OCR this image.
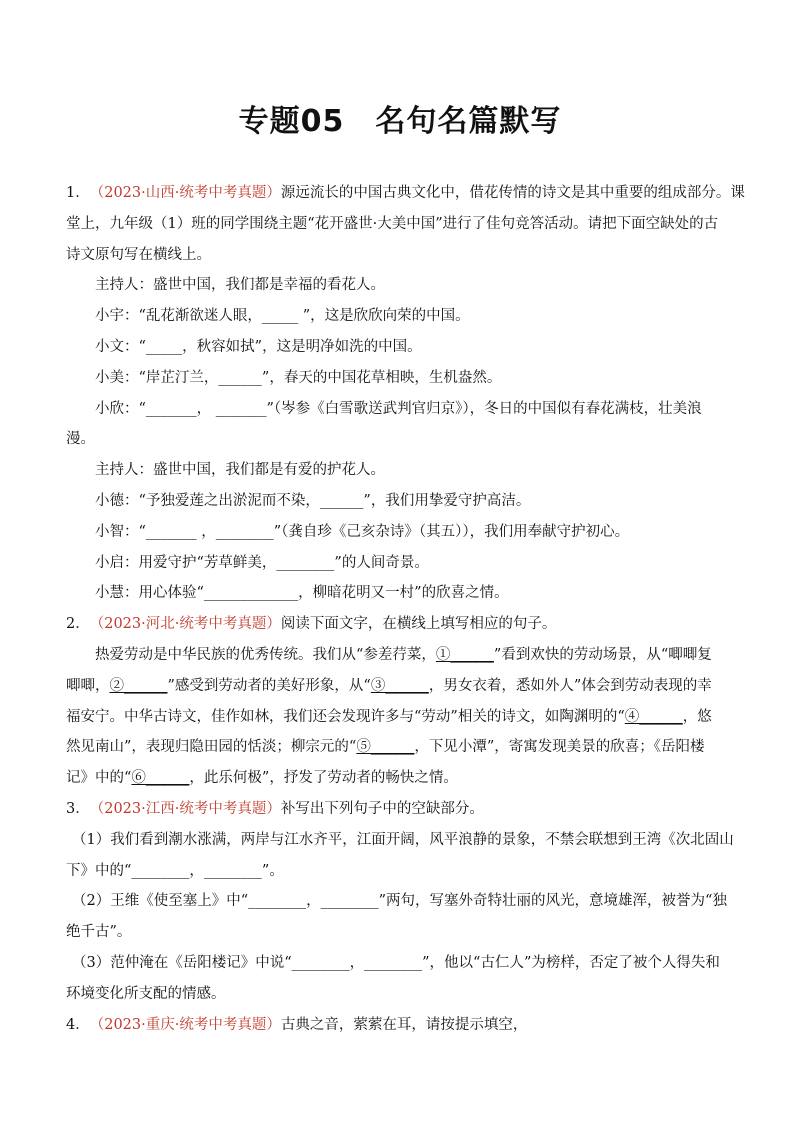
专题05　名句名篇默写
1．（2023·山西·统考中考真题）源远流长的中国古典文化中，借花传情的诗文是其中重要的组成部分。课
堂上，九年级（1）班的同学围绕主题“花开盛世·大美中国”进行了佳句竞答活动。请把下面空缺处的古
诗文原句写在横线上。
主持人：盛世中国，我们都是幸福的看花人。
小宇：“乱花渐欲迷人眼，_____ ”，这是欣欣向荣的中国。
小文：“_____，秋容如拭”，这是明净如洗的中国。
小美：“岸芷汀兰，______”，春天的中国花草相映，生机盎然。
小欣：“_______， _______”（岑参《白雪歌送武判官归京》），冬日的中国似有春花满枝，壮美浪
漫。
主持人：盛世中国，我们都是有爱的护花人。
小德：“予独爱莲之出淤泥而不染，______”，我们用挚爱守护高洁。
小智：“_______ ，________”（龚自珍《己亥杂诗》（其五）），我们用奉献守护初心。
小启：用爱守护“芳草鲜美，________”的人间奇景。
小慧：用心体验“_____________，柳暗花明又一村”的欣喜之情。
2．（2023·河北·统考中考真题）阅读下面文字，在横线上填写相应的句子。
热爱劳动是中华民族的优秀传统。我们从“参差荇菜，①______”看到欢快的劳动场景，从“唧唧复
唧唧，②______”感受到劳动者的美好形象，从“③______，男女衣着，悉如外人”体会到劳动表现的幸
福安宁。中华古诗文，佳作如林，我们还会发现许多与“劳动”相关的诗文，如陶渊明的“④______，悠
然见南山”，表现归隐田园的恬淡；柳宗元的“⑤______，下见小潭”，寄寓发现美景的欣喜；《岳阳楼
记》中的“⑥______，此乐何极”，抒发了劳动者的畅快之情。
3．（2023·江西·统考中考真题）补写出下列句子中的空缺部分。
（1）我们看到潮水涨满，两岸与江水齐平，江面开阔，风平浪静的景象，不禁会联想到王湾《次北固山
下》中的“________，________”。
（2）王维《使至塞上》中“________，________”两句，写塞外奇特壮丽的风光，意境雄浑，被誉为“独
绝千古”。
（3）范仲淹在《岳阳楼记》中说“________，________”，他以“古仁人”为榜样，否定了被个人得失和
环境变化所支配的情感。
4．（2023·重庆·统考中考真题）古典之音，萦萦在耳，请按提示填空，
